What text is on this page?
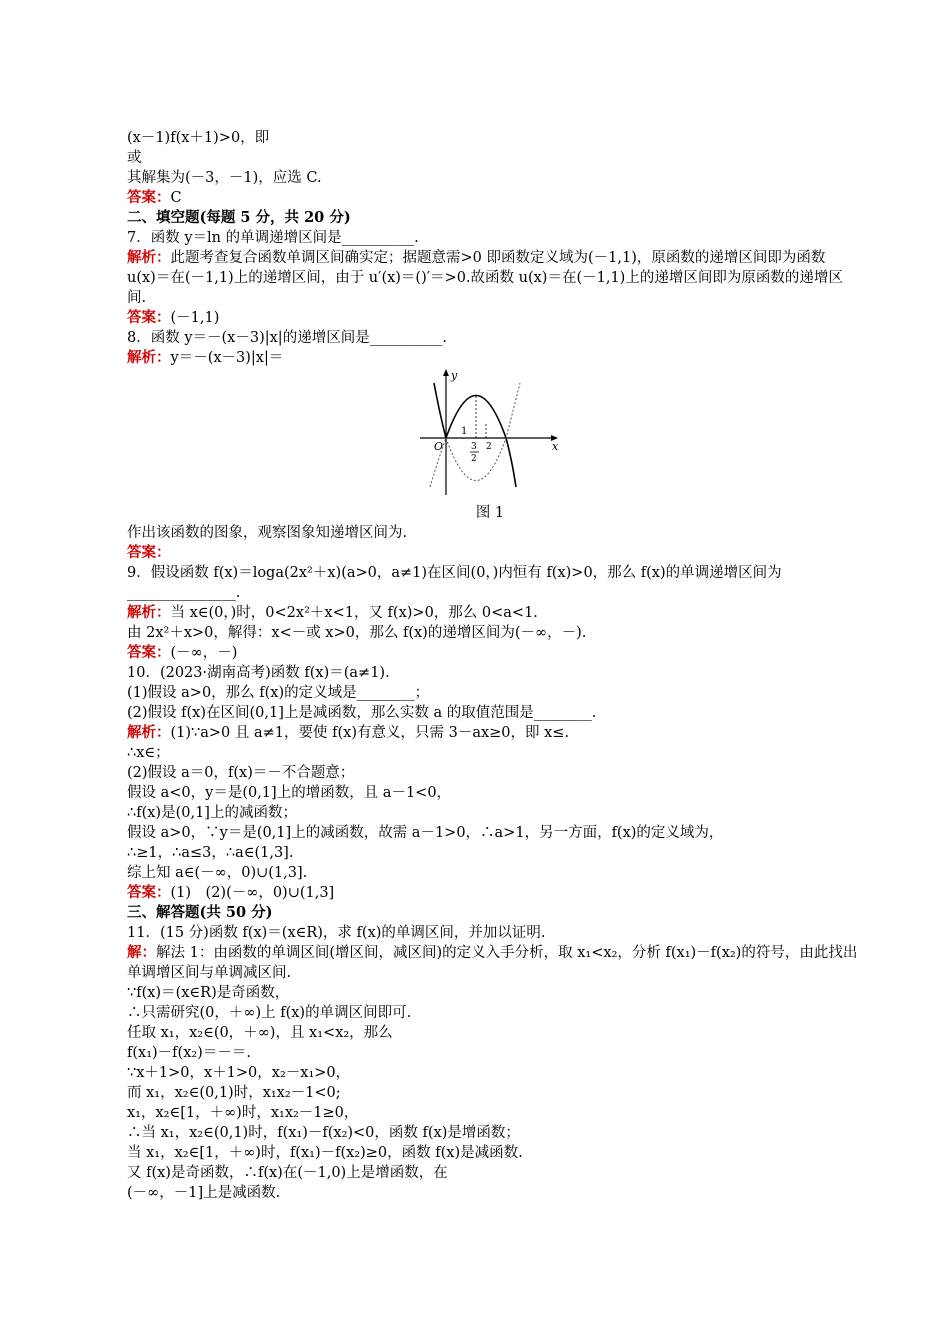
(x－1)f(x＋1)>0，即
或
其解集为(－3，－1)，应选 C.
答案：C
二、填空题(每题 5 分，共 20 分)
7．函数 y＝ln 的单调递增区间是__________.
解析：此题考查复合函数单调区间确实定；据题意需>0 即函数定义域为(－1,1)，原函数的递增区间即为函数 u(x)＝在(－1,1)上的递增区间，由于 u′(x)＝()′＝>0.故函数 u(x)＝在(－1,1)上的递增区间即为原函数的递增区间.
答案：(－1,1)
8．函数 y＝－(x－3)|x|的递增区间是__________.
解析：y＝－(x－3)|x|＝
作出该函数的图象，观察图象知递增区间为.
答案：
9．假设函数 f(x)＝loga(2x²＋x)(a>0，a≠1)在区间(0，)内恒有 f(x)>0，那么 f(x)的单调递增区间为_______________.
解析：当 x∈(0，)时，0<2x²＋x<1，又 f(x)>0，那么 0<a<1.
由 2x²＋x>0，解得：x<－或 x>0，那么 f(x)的递增区间为(－∞，－).
答案：(－∞，－)
10．(2023·湖南高考)函数 f(x)＝(a≠1).
(1)假设 a>0，那么 f(x)的定义域是________；
(2)假设 f(x)在区间(0,1]上是减函数，那么实数 a 的取值范围是________.
解析：(1)∵a>0 且 a≠1，要使 f(x)有意义，只需 3－ax≥0，即 x≤.
∴x∈；
(2)假设 a＝0，f(x)＝－不合题意；
假设 a<0，y＝是(0,1]上的增函数，且 a－1<0，
∴f(x)是(0,1]上的减函数；
假设 a>0，∵y＝是(0,1]上的减函数，故需 a－1>0，∴a>1，另一方面，f(x)的定义域为，
∴≥1，∴a≤3，∴a∈(1,3].
综上知 a∈(－∞，0)∪(1,3].
答案：(1)　(2)(－∞，0)∪(1,3]
三、解答题(共 50 分)
11．(15 分)函数 f(x)＝(x∈R)，求 f(x)的单调区间，并加以证明.
解：解法 1：由函数的单调区间(增区间，减区间)的定义入手分析，取 x₁<x₂，分析 f(x₁)－f(x₂)的符号，由此找出单调增区间与单调减区间.
∵f(x)＝(x∈R)是奇函数，
∴只需研究(0，＋∞)上 f(x)的单调区间即可.
任取 x₁，x₂∈(0，＋∞)，且 x₁<x₂，那么
f(x₁)－f(x₂)＝－＝.
∵x＋1>0，x＋1>0，x₂－x₁>0，
而 x₁，x₂∈(0,1)时，x₁x₂－1<0;
x₁，x₂∈[1，＋∞)时，x₁x₂－1≥0，
∴当 x₁，x₂∈(0,1)时，f(x₁)－f(x₂)<0，函数 f(x)是增函数；
当 x₁，x₂∈[1，＋∞)时，f(x₁)－f(x₂)≥0，函数 f(x)是减函数.
又 f(x)是奇函数，∴f(x)在(－1,0)上是增函数，在
(－∞，－1]上是减函数.
y
x
O
1
3
2
2
图 1
